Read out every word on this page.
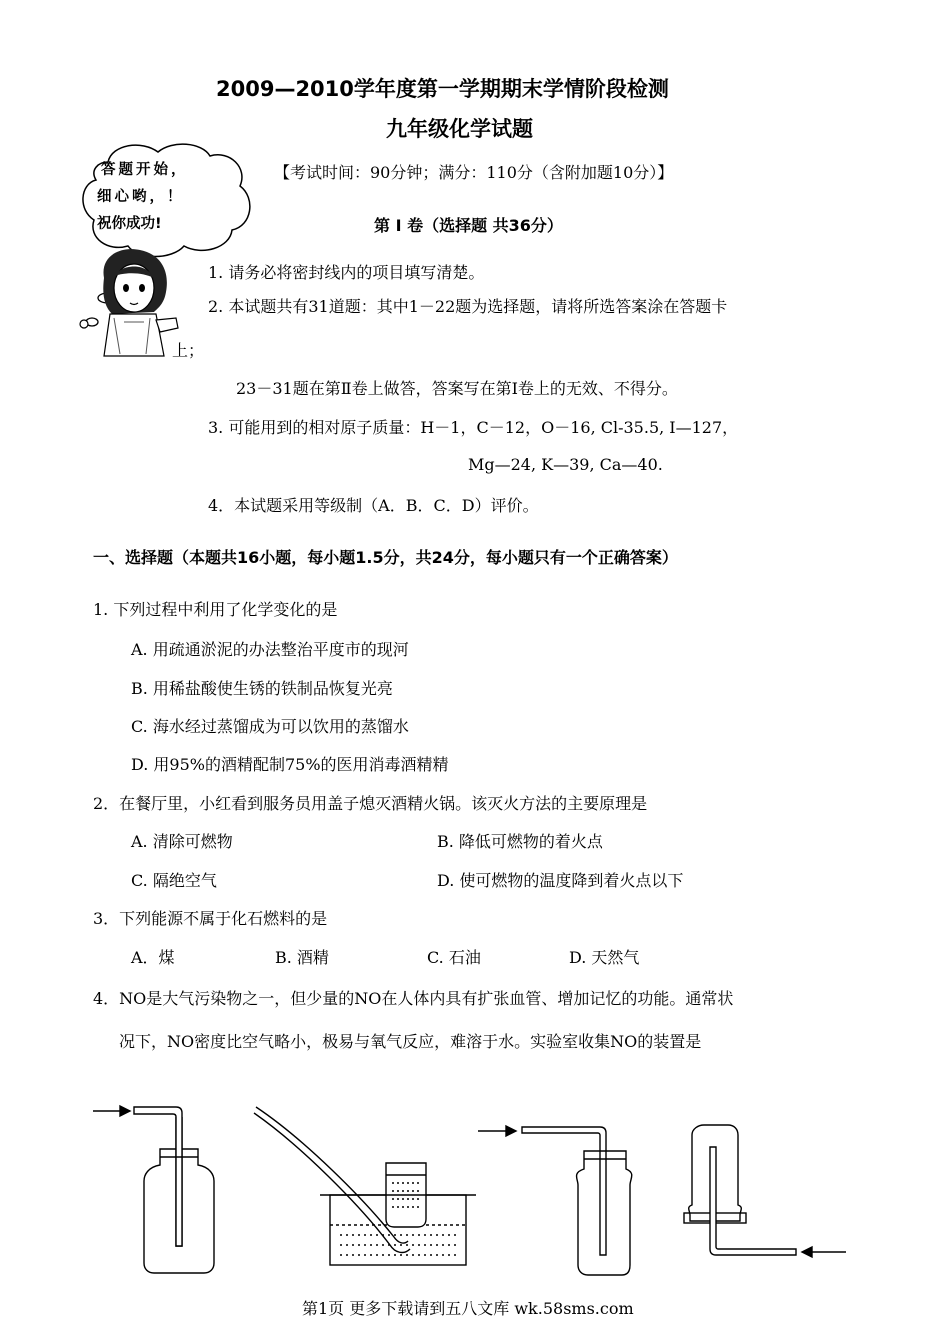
2009—2010学年度第一学期期末学情阶段检测
九年级化学试题
答题开始，
细心哟，！
祝你成功!
【考试时间：90分钟；满分：110分（含附加题10分）】
第 Ⅰ 卷（选择题 共36分）
1. 请务必将密封线内的项目填写清楚。
2. 本试题共有31道题：其中1－22题为选择题，请将所选答案涂在答题卡
上；
23－31题在第Ⅱ卷上做答，答案写在第Ⅰ卷上的无效、不得分。
3. 可能用到的相对原子质量：H－1，C－12，O－16, Cl-35.5, I—127，
Mg—24, K—39, Ca—40.
4．本试题采用等级制（A．B．C．D）评价。
一、选择题（本题共16小题，每小题1.5分，共24分，每小题只有一个正确答案）
1. 下列过程中利用了化学变化的是
A. 用疏通淤泥的办法整治平度市的现河
B. 用稀盐酸使生锈的铁制品恢复光亮
C. 海水经过蒸馏成为可以饮用的蒸馏水
D. 用95%的酒精配制75%的医用消毒酒精精
2．在餐厅里，小红看到服务员用盖子熄灭酒精火锅。该灭火方法的主要原理是
A. 清除可燃物	B. 降低可燃物的着火点
C. 隔绝空气	D. 使可燃物的温度降到着火点以下
3．下列能源不属于化石燃料的是
A．煤	B. 酒精	C. 石油	D. 天然气
4．NO是大气污染物之一，但少量的NO在人体内具有扩张血管、增加记忆的功能。通常状
况下，NO密度比空气略小，极易与氧气反应，难溶于水。实验室收集NO的装置是
第1页 更多下载请到五八文库 wk.58sms.com
